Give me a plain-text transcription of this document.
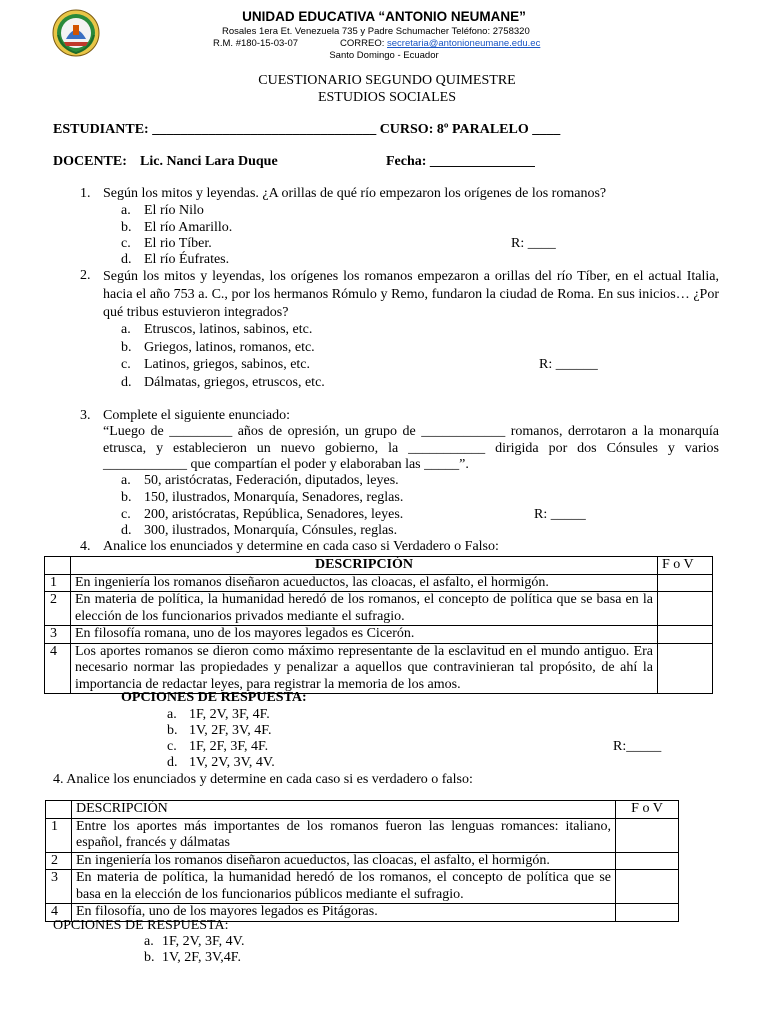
UNIDAD EDUCATIVA “ANTONIO NEUMANE”
Rosales 1era Et. Venezuela 735 y Padre Schumacher Teléfono: 2758320
R.M. #180-15-03-07	CORREO: secretaria@antonioneumane.edu.ec
Santo Domingo - Ecuador
CUESTIONARIO SEGUNDO QUIMESTRE
ESTUDIOS SOCIALES
ESTUDIANTE: ________________________________ CURSO: 8º PARALELO ____
DOCENTE: Lic. Nanci Lara Duque	Fecha: _______________
1. Según los mitos y leyendas. ¿A orillas de qué río empezaron los orígenes de los romanos?
a. El río Nilo
b. El río Amarillo.
c. El rio Tíber.
d. El río Éufrates.
R: ____
2. Según los mitos y leyendas, los orígenes los romanos empezaron a orillas del río Tíber, en el actual Italia, hacia el año 753 a. C., por los hermanos Rómulo y Remo, fundaron la ciudad de Roma. En sus inicios… ¿Por qué tribus estuvieron integrados?
a. Etruscos, latinos, sabinos, etc.
b. Griegos, latinos, romanos, etc.
c. Latinos, griegos, sabinos, etc.
d. Dálmatas, griegos, etruscos, etc.
R: ______
3. Complete el siguiente enunciado:
“Luego de _________ años de opresión, un grupo de ____________ romanos, derrotaron a la monarquía etrusca, y establecieron un nuevo gobierno, la ___________ dirigida por dos Cónsules y varios ____________ que compartían el poder y elaboraban las _____”.
a. 50, aristócratas, Federación, diputados, leyes.
b. 150, ilustrados, Monarquía, Senadores, reglas.
c. 200, aristócratas, República, Senadores, leyes.
d. 300, ilustrados, Monarquía, Cónsules, reglas.
R: _____
4. Analice los enunciados y determine en cada caso si Verdadero o Falso:
	DESCRIPCIÓN	F o V
1	En ingeniería los romanos diseñaron acueductos, las cloacas, el asfalto, el hormigón.	
2	En materia de política, la humanidad heredó de los romanos, el concepto de política que se basa en la elección de los funcionarios privados mediante el sufragio.	
3	En filosofía romana, uno de los mayores legados es Cicerón.	
4	Los aportes romanos se dieron como máximo representante de la esclavitud en el mundo antiguo. Era necesario normar las propiedades y penalizar a aquellos que contravinieran tal propósito, de ahí la importancia de redactar leyes, para registrar la memoria de los amos.	
OPCIONES DE RESPUESTA:
a. 1F, 2V, 3F, 4F.
b. 1V, 2F, 3V, 4F.
c. 1F, 2F, 3F, 4F.
d. 1V, 2V, 3V, 4V.
R:_____
4. Analice los enunciados y determine en cada caso si es verdadero o falso:
	DESCRIPCIÓN	F o V
1	Entre los aportes más importantes de los romanos fueron las lenguas romances: italiano, español, francés y dálmatas	
2	En ingeniería los romanos diseñaron acueductos, las cloacas, el asfalto, el hormigón.	
3	En materia de política, la humanidad heredó de los romanos, el concepto de política que se basa en la elección de los funcionarios públicos mediante el sufragio.	
4	En filosofía, uno de los mayores legados es Pitágoras.	
OPCIONES DE RESPUESTA:
a. 1F, 2V, 3F, 4V.
b. 1V, 2F, 3V,4F.
